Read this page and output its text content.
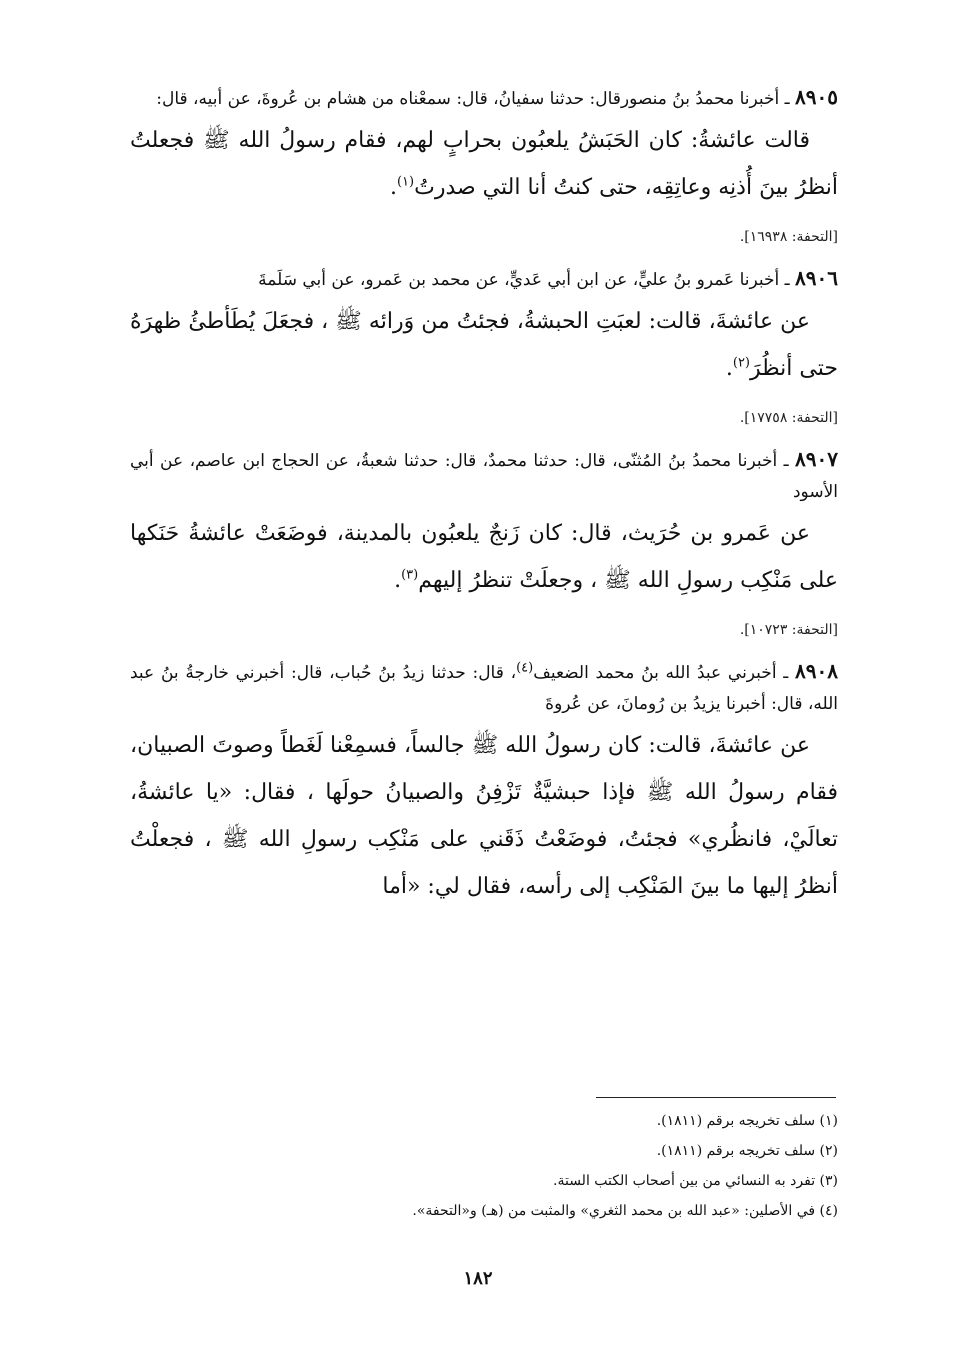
٨٩٠٥ ـ أخبرنا محمدُ بنُ منصورقال: حدثنا سفيانُ، قال: سمعْناه من هشام بن عُروةَ، عن أبيه، قال:

قالت عائشةُ: كان الحَبَشُ يلعبُون بحرابٍ لهم، فقام رسولُ الله ﷺ فجعلتُ أنظرُ بينَ أُذنِه وعاتِقِه، حتى كنتُ أنا التي صدرتُ$^{(١)}$.

[التحفة: ١٦٩٣٨].

٨٩٠٦ ـ أخبرنا عَمرو بنُ عليٍّ، عن ابن أبي عَديٍّ، عن محمد بن عَمرو، عن أبي سَلَمةَ

عن عائشةَ، قالت: لعبَتِ الحبشةُ، فجئتُ من وَرائه ﷺ ، فجعَلَ يُطَأطئُ ظهرَهُ حتى أنظُرَ$^{(٢)}$.

[التحفة: ١٧٧٥٨].

٨٩٠٧ ـ أخبرنا محمدُ بنُ المُثنّى، قال: حدثنا محمدٌ، قال: حدثنا شعبةُ، عن الحجاج ابن عاصم، عن أبي الأسود

عن عَمرو بن حُرَيث، قال: كان زَنجٌ يلعبُون بالمدينة، فوضَعَتْ عائشةُ حَنَكها على مَنْكِب رسولِ الله ﷺ ، وجعلَتْ تنظرُ إليهم$^{(٣)}$.

[التحفة: ١٠٧٢٣].

٨٩٠٨ ـ أخبرني عبدُ الله بنُ محمد الضعيف$^{(٤)}$، قال: حدثنا زيدُ بنُ حُباب، قال: أخبرني خارجةُ بنُ عبد الله، قال: أخبرنا يزيدُ بن رُومانَ، عن عُروةَ

عن عائشةَ، قالت: كان رسولُ الله ﷺ جالساً، فسمِعْنا لَغَطاً وصوتَ الصبيان، فقام رسولُ الله ﷺ فإذا حبشيَّةٌ تَزْفِنُ والصبيانُ حولَها ، فقال: «يا عائشةُ، تعالَيْ، فانظُري» فجئتُ، فوضَعْتُ ذَقَني على مَنْكِب رسولِ الله ﷺ ، فجعلْتُ أنظرُ إليها ما بينَ المَنْكِب إلى رأسه، فقال لي: «أما

(١) سلف تخريجه برقم (١٨١١).

(٢) سلف تخريجه برقم (١٨١١).

(٣) تفرد به النسائي من بين أصحاب الكتب الستة.

(٤) في الأصلين: «عبد الله بن محمد الثغري» والمثبت من (هـ) و«التحفة».

١٨٢
